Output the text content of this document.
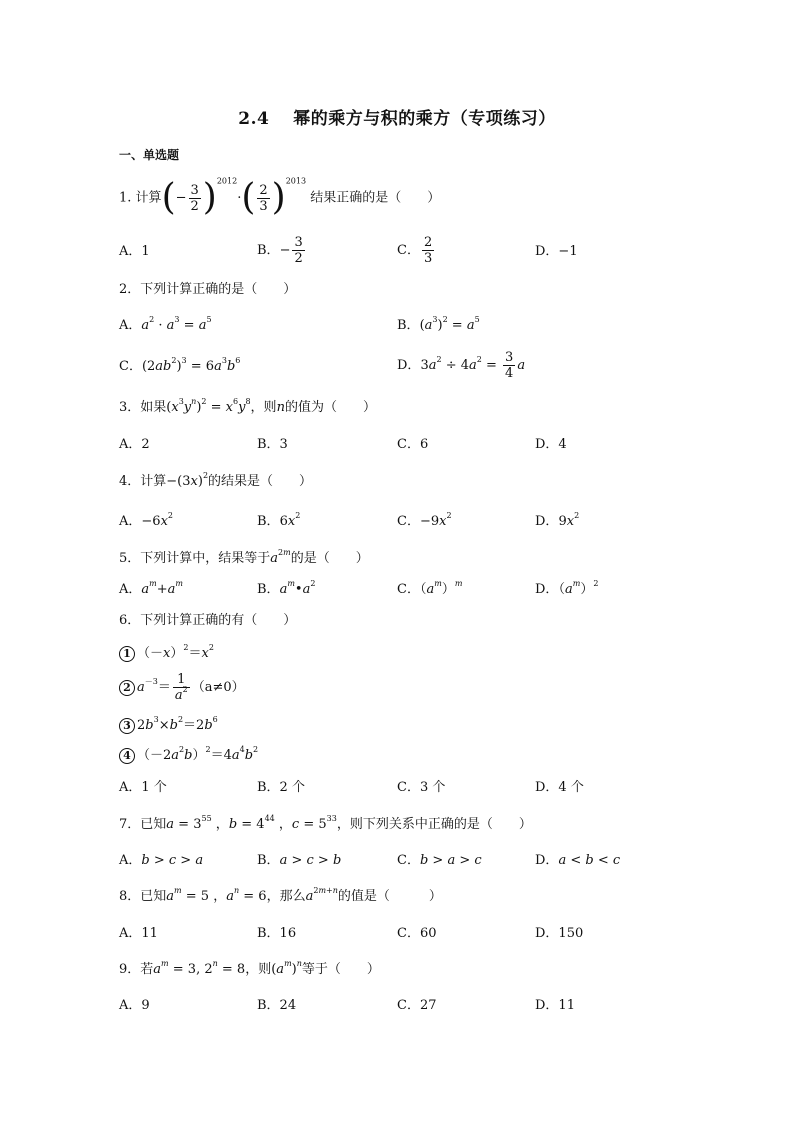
2.4　 幂的乘方与积的乘方（专项练习）
一、单选题
1. 计算(− $\frac{3}{2} )^{2012}\cdot( \frac{2}{3} )^{2013}$ 结果正确的是（　　）
A．1	B．− $\frac{3}{2}$	C． $\frac{2}{3}$	D．−1
2．下列计算正确的是（　　）
A．$a^2 \cdot a^3 = a^5$	B．$(a^3)^2 = a^5$
C．$(2ab^2)^3 = 6a^3b^6$	D．$3a^2 \div 4a^2 = \frac{3}{4}$ a
3．如果$(x^3y^n)^2 = x^6y^8$，则n的值为（　　）
A．2	B．3	C．6	D．4
4．计算$-(3x)^2$的结果是（　　）
A．$-6x^2$	B．$6x^2$	C．$-9x^2$	D．$9x^2$
5．下列计算中，结果等于$a^{2m}$的是（　　）
A．$a^m+a^m$	B．$a^m•a^2$	C．$(a^m)^m$	D．$(a^m)^2$
6．下列计算正确的有（　　）
1 $(-x)^2=x^2$
2 $a^{-3}= \frac{1}{a^2} (a\ne 0)$
3 $2b^3\times b^2=2b^6$
4 $(-2a^2b)^2=4a^4b^2$
A．1 个	B．2 个	C．3 个	D．4 个
7．已知$a = 3^{55}$ ，$b = 4^{44}$ ，$c = 5^{33}$，则下列关系中正确的是（　　）
A．b > c > a	B．a > c > b	C．b > a > c	D．a < b < c
8．已知$a^m = 5$ ，$a^n = 6$，那么$a^{2m+n}$的值是（　　　）
A．11	B．16	C．60	D．150
9．若$a^m = 3$, $2^n = 8$，则$(a^m)^n$等于（　　）
A．9	B．24	C．27	D．11
